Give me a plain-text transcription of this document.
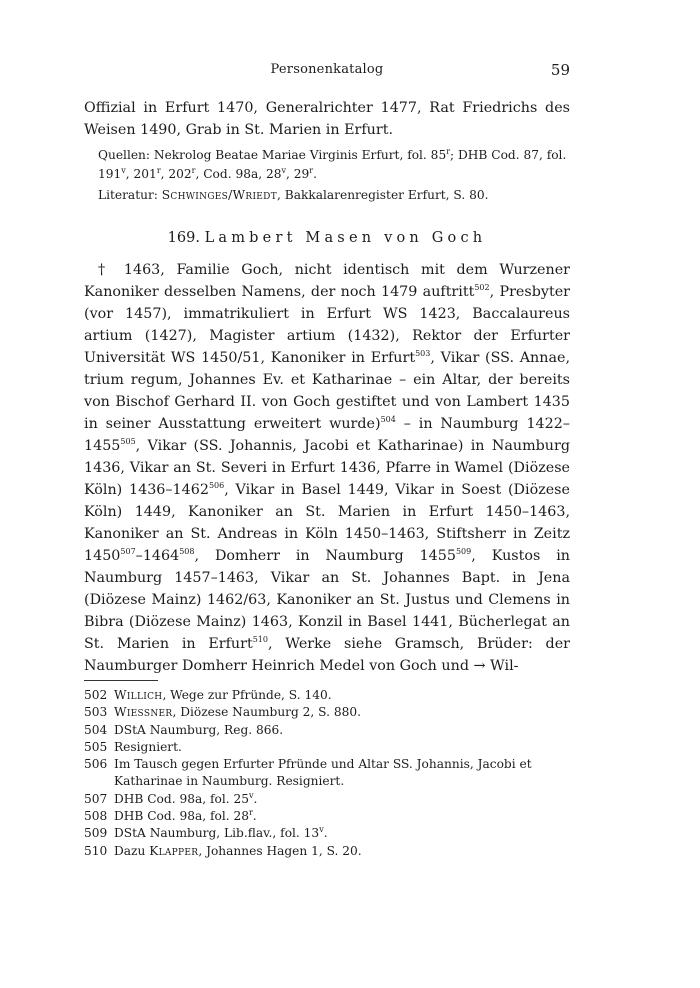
Personenkatalog	59
Offizial in Erfurt 1470, Generalrichter 1477, Rat Friedrichs des Weisen 1490, Grab in St. Marien in Erfurt.
Quellen: Nekrolog Beatae Mariae Virginis Erfurt, fol. 85$^r$; DHB Cod. 87, fol. 191$^v$, 201$^r$, 202$^r$, Cod. 98a, 28$^v$, 29$^r$.
Literatur: Schwinges/Wriedt, Bakkalarenregister Erfurt, S. 80.
169. Lambert Masen von Goch
† 1463, Familie Goch, nicht identisch mit dem Wurzener Kanoniker desselben Namens, der noch 1479 auftritt$^{502}$, Presbyter (vor 1457), immatrikuliert in Erfurt WS 1423, Baccalaureus artium (1427), Magister artium (1432), Rektor der Erfurter Universität WS 1450/51, Kanoniker in Erfurt$^{503}$, Vikar (SS. Annae, trium regum, Johannes Ev. et Katharinae – ein Altar, der bereits von Bischof Gerhard II. von Goch gestiftet und von Lambert 1435 in seiner Ausstattung erweitert wurde)$^{504}$ – in Naumburg 1422–1455$^{505}$, Vikar (SS. Johannis, Jacobi et Katharinae) in Naumburg 1436, Vikar an St. Severi in Erfurt 1436, Pfarre in Wamel (Diözese Köln) 1436–1462$^{506}$, Vikar in Basel 1449, Vikar in Soest (Diözese Köln) 1449, Kanoniker an St. Marien in Erfurt 1450–1463, Kanoniker an St. Andreas in Köln 1450–1463, Stiftsherr in Zeitz 1450$^{507}$–1464$^{508}$, Domherr in Naumburg 1455$^{509}$, Kustos in Naumburg 1457–1463, Vikar an St. Johannes Bapt. in Jena (Diözese Mainz) 1462/63, Kanoniker an St. Justus und Clemens in Bibra (Diözese Mainz) 1463, Konzil in Basel 1441, Bücherlegat an St. Marien in Erfurt$^{510}$, Werke siehe Gramsch, Brüder: der Naumburger Domherr Heinrich Medel von Goch und → Wil-
502 Willich, Wege zur Pfründe, S. 140.
503 Wiessner, Diözese Naumburg 2, S. 880.
504 DStA Naumburg, Reg. 866.
505 Resigniert.
506 Im Tausch gegen Erfurter Pfründe und Altar SS. Johannis, Jacobi et Katharinae in Naumburg. Resigniert.
507 DHB Cod. 98a, fol. 25$^v$.
508 DHB Cod. 98a, fol. 28$^r$.
509 DStA Naumburg, Lib.flav., fol. 13$^v$.
510 Dazu Klapper, Johannes Hagen 1, S. 20.
